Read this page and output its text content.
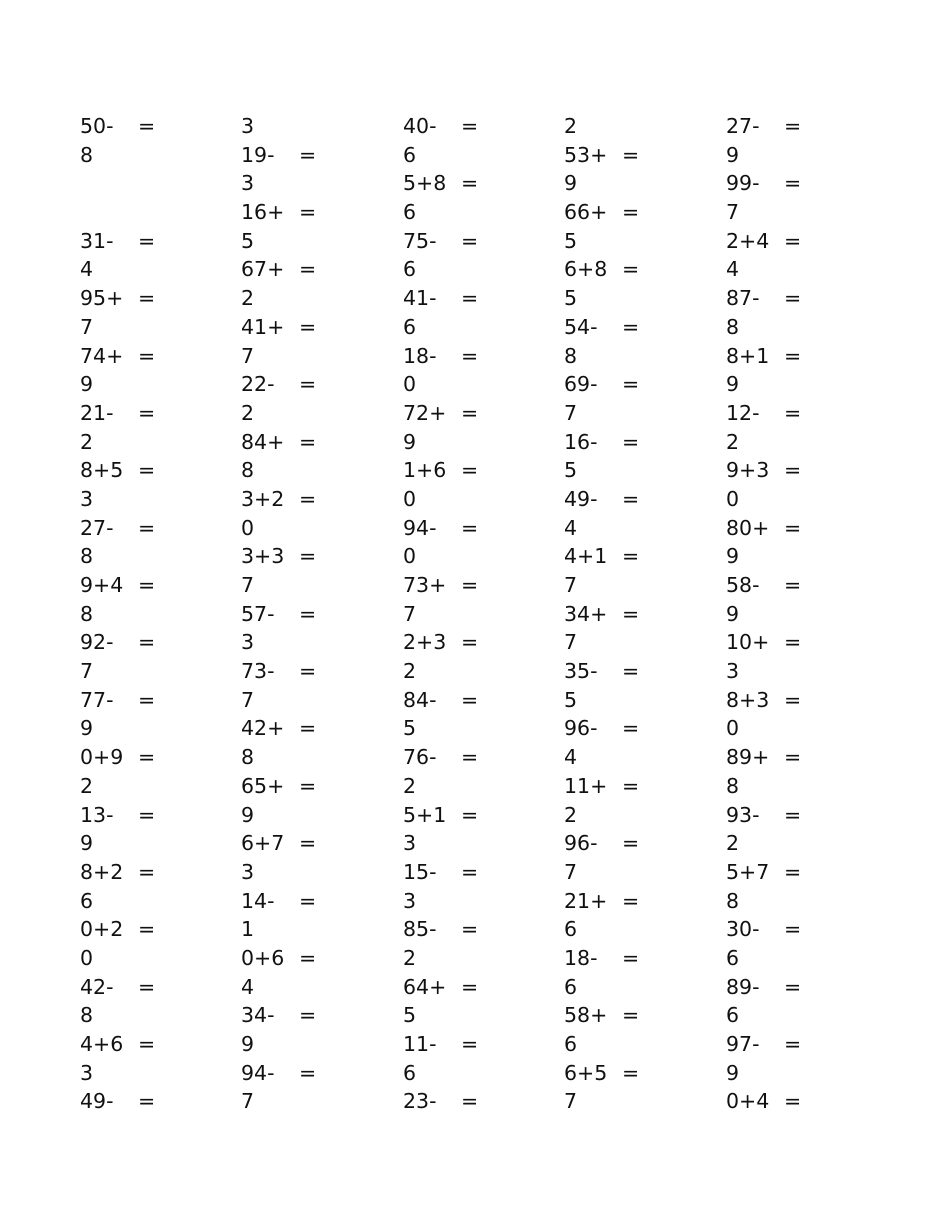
50- =
8
31- =
4
95+ =
7
74+ =
9
21- =
2
8+5 =
3
27- =
8
9+4 =
8
92- =
7
77- =
9
0+9 =
2
13- =
9
8+2 =
6
0+2 =
0
42- =
8
4+6 =
3
49- =
3
19- =
3
16+ =
5
67+ =
2
41+ =
7
22- =
2
84+ =
8
3+2 =
0
3+3 =
7
57- =
3
73- =
7
42+ =
8
65+ =
9
6+7 =
3
14- =
1
0+6 =
4
34- =
9
94- =
7
40- =
6
5+8 =
6
75- =
6
41- =
6
18- =
0
72+ =
9
1+6 =
0
94- =
0
73+ =
7
2+3 =
2
84- =
5
76- =
2
5+1 =
3
15- =
3
85- =
2
64+ =
5
11- =
6
23- =
2
53+ =
9
66+ =
5
6+8 =
5
54- =
8
69- =
7
16- =
5
49- =
4
4+1 =
7
34+ =
7
35- =
5
96- =
4
11+ =
2
96- =
7
21+ =
6
18- =
6
58+ =
6
6+5 =
7
27- =
9
99- =
7
2+4 =
4
87- =
8
8+1 =
9
12- =
2
9+3 =
0
80+ =
9
58- =
9
10+ =
3
8+3 =
0
89+ =
8
93- =
2
5+7 =
8
30- =
6
89- =
6
97- =
9
0+4 =
